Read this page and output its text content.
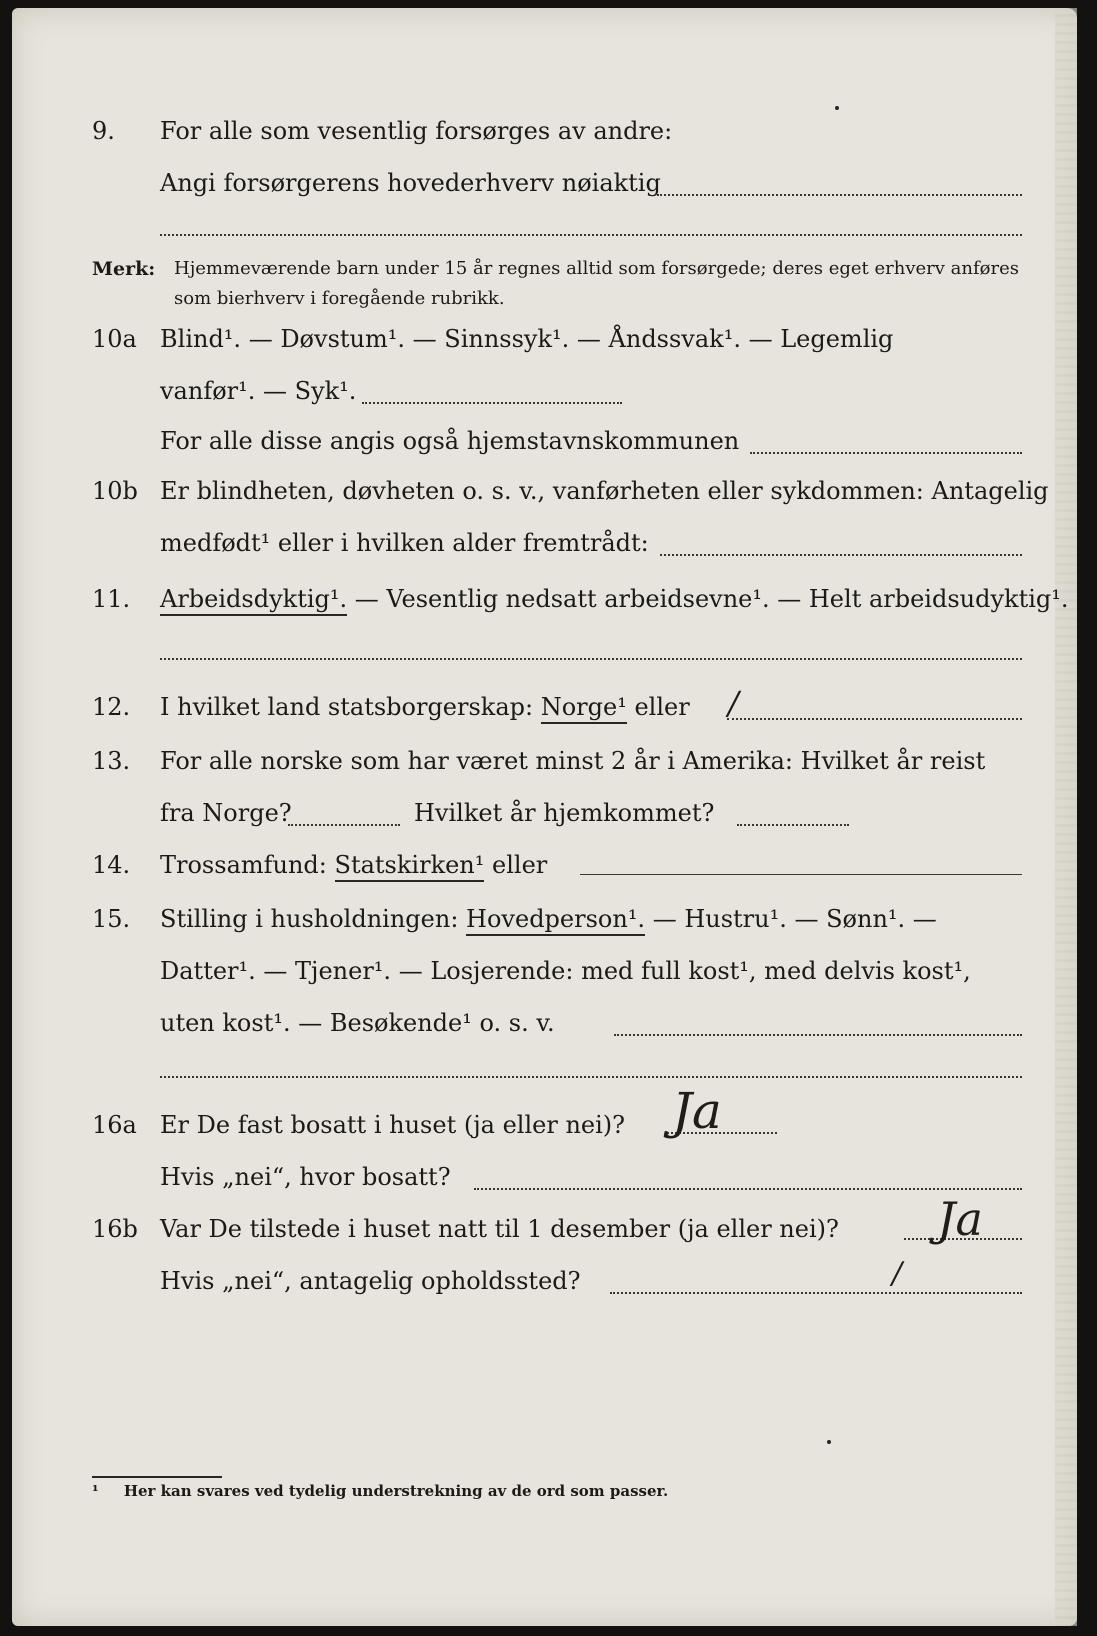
9. For alle som vesentlig forsørges av andre:
Angi forsørgerens hovederhverv nøiaktig
Merk: Hjemmeværende barn under 15 år regnes alltid som forsørgede; deres eget erhverv anføres som bierhverv i foregående rubrikk.
10a Blind¹. — Døvstum¹. — Sinnssyk¹. — Åndssvak¹. — Legemlig
vanfør¹. — Syk¹.
For alle disse angis også hjemstavnskommunen
10b Er blindheten, døvheten o. s. v., vanførheten eller sykdommen: Antagelig
medfødt¹ eller i hvilken alder fremtrådt:
11. Arbeidsdyktig¹. — Vesentlig nedsatt arbeidsevne¹. — Helt arbeidsudyktig¹.
12. I hvilket land statsborgerskap: Norge¹ eller /
13. For alle norske som har været minst 2 år i Amerika: Hvilket år reist
fra Norge?	Hvilket år hjemkommet?
14. Trossamfund: Statskirken¹ eller
15. Stilling i husholdningen: Hovedperson¹. — Hustru¹. — Sønn¹. —
Datter¹. — Tjener¹. — Losjerende: med full kost¹, med delvis kost¹,
uten kost¹. — Besøkende¹ o. s. v.
16a Er De fast bosatt i huset (ja eller nei)? Ja
Hvis „nei“, hvor bosatt?
16b Var De tilstede i huset natt til 1 desember (ja eller nei)? Ja
Hvis „nei“, antagelig opholdssted?	/
¹ Her kan svares ved tydelig understrekning av de ord som passer.
